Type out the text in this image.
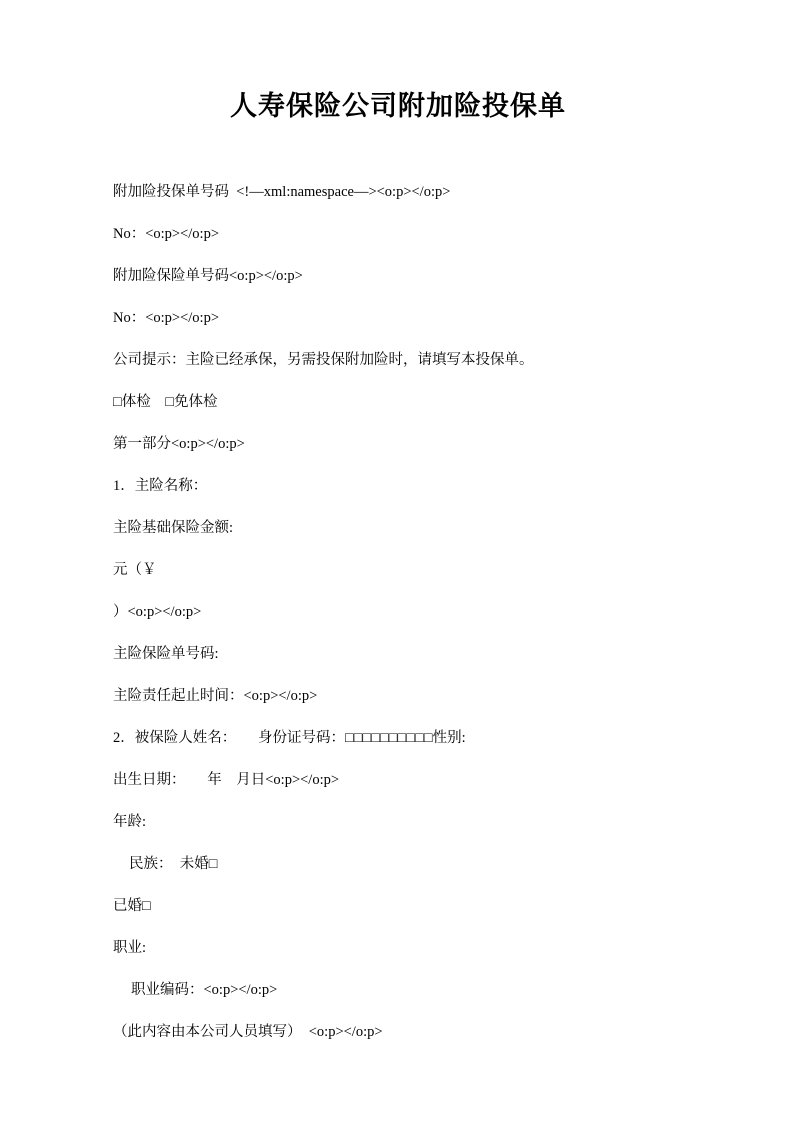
人寿保险公司附加险投保单

附加险投保单号码  <!—xml:namespace—><o:p></o:p>

No：<o:p></o:p>

附加险保险单号码<o:p></o:p>

No：<o:p></o:p>

公司提示：主险已经承保，另需投保附加险时，请填写本投保单。

□体检　□免体检

第一部分<o:p></o:p>

1．主险名称：

主险基础保险金额:

元（￥

）<o:p></o:p>

主险保险单号码:

主险责任起止时间：<o:p></o:p>

2．被保险人姓名：　　身份证号码：□□□□□□□□□□性别:

出生日期：　　年　月日<o:p></o:p>

年龄:

民族：　未婚□

已婚□

职业:

职业编码：<o:p></o:p>

（此内容由本公司人员填写）　<o:p></o:p>
